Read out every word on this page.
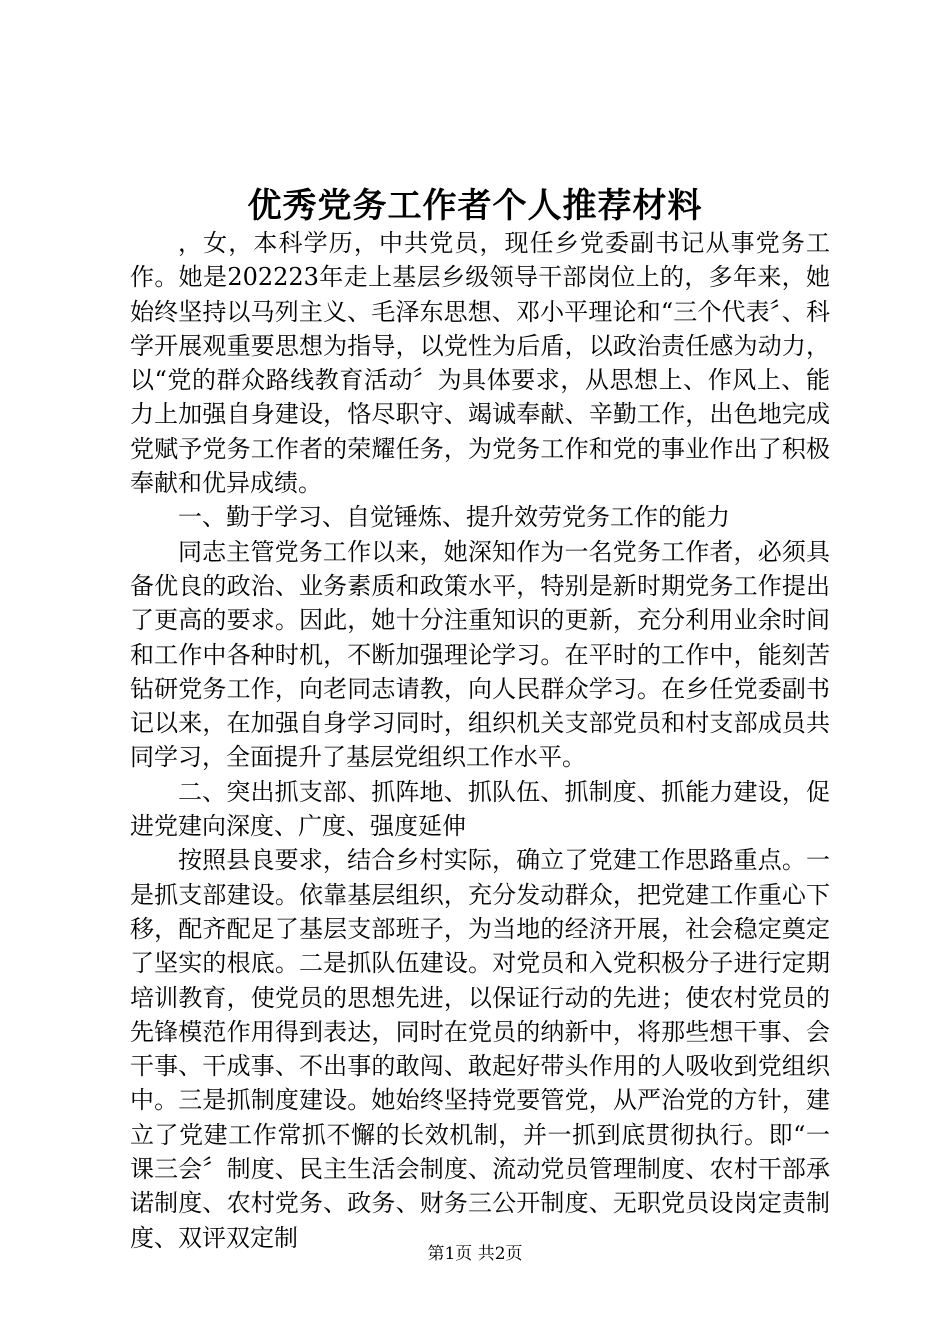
优秀党务工作者个人推荐材料

，女，本科学历，中共党员，现任乡党委副书记从事党务工作。她是202223年走上基层乡级领导干部岗位上的，多年来，她始终坚持以马列主义、毛泽东思想、邓小平理论和“三个代表〞、科学开展观重要思想为指导，以党性为后盾，以政治责任感为动力，以“党的群众路线教育活动〞为具体要求，从思想上、作风上、能力上加强自身建设，恪尽职守、竭诚奉献、辛勤工作，出色地完成党赋予党务工作者的荣耀任务，为党务工作和党的事业作出了积极奉献和优异成绩。

一、勤于学习、自觉锤炼、提升效劳党务工作的能力

同志主管党务工作以来，她深知作为一名党务工作者，必须具备优良的政治、业务素质和政策水平，特别是新时期党务工作提出了更高的要求。因此，她十分注重知识的更新，充分利用业余时间和工作中各种时机，不断加强理论学习。在平时的工作中，能刻苦钻研党务工作，向老同志请教，向人民群众学习。在乡任党委副书记以来，在加强自身学习同时，组织机关支部党员和村支部成员共同学习，全面提升了基层党组织工作水平。

二、突出抓支部、抓阵地、抓队伍、抓制度、抓能力建设，促进党建向深度、广度、强度延伸

按照县良要求，结合乡村实际，确立了党建工作思路重点。一是抓支部建设。依靠基层组织，充分发动群众，把党建工作重心下移，配齐配足了基层支部班子，为当地的经济开展，社会稳定奠定了坚实的根底。二是抓队伍建设。对党员和入党积极分子进行定期培训教育，使党员的思想先进，以保证行动的先进；使农村党员的先锋模范作用得到表达，同时在党员的纳新中，将那些想干事、会干事、干成事、不出事的敢闯、敢起好带头作用的人吸收到党组织中。三是抓制度建设。她始终坚持党要管党，从严治党的方针，建立了党建工作常抓不懈的长效机制，并一抓到底贯彻执行。即“一课三会〞制度、民主生活会制度、流动党员管理制度、农村干部承诺制度、农村党务、政务、财务三公开制度、无职党员设岗定责制度、双评双定制

第1页 共2页
